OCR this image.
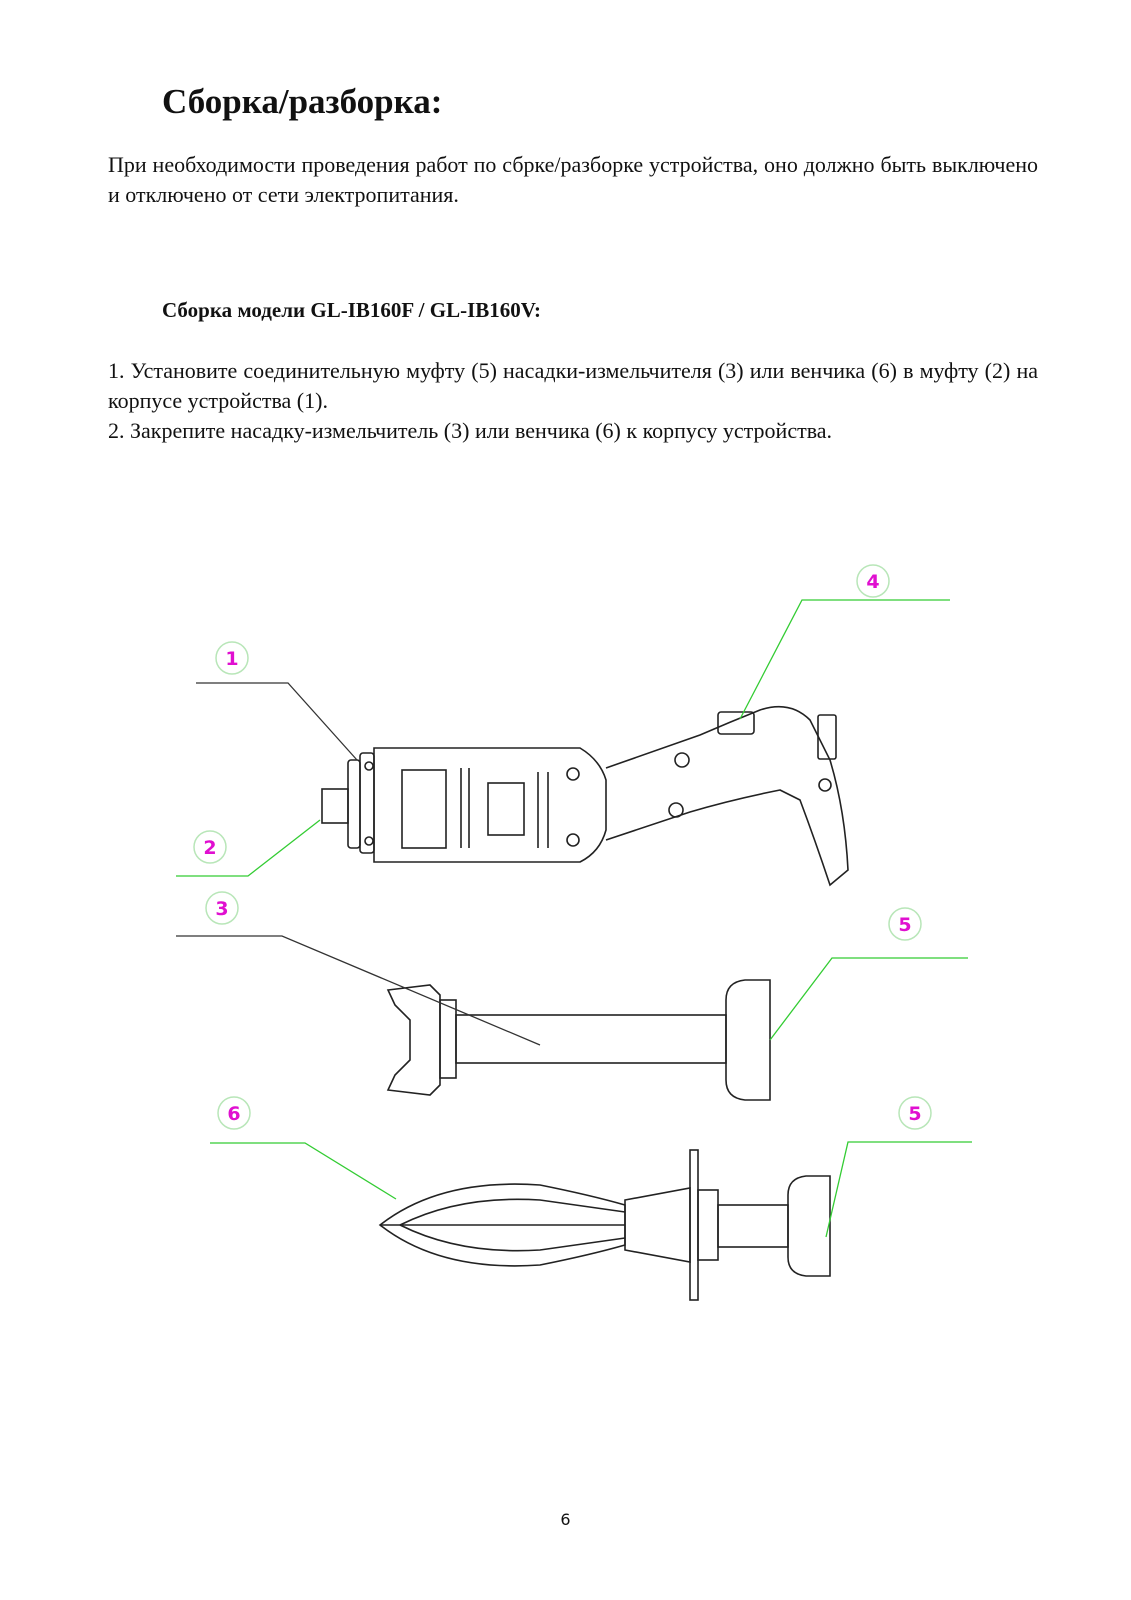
Сборка/разборка:

При необходимости проведения работ по сбрке/разборке устройства, оно должно быть выключено и отключено от сети электропитания.

Сборка модели GL-IB160F / GL-IB160V:
1. Установите соединительную муфту (5) насадки-измельчителя (3) или венчика (6) в муфту (2) на корпусе устройства (1).
2. Закрепите насадку-измельчитель (3) или венчика (6) к корпусу устройства.
1
2
3
4
5
6	5
6
